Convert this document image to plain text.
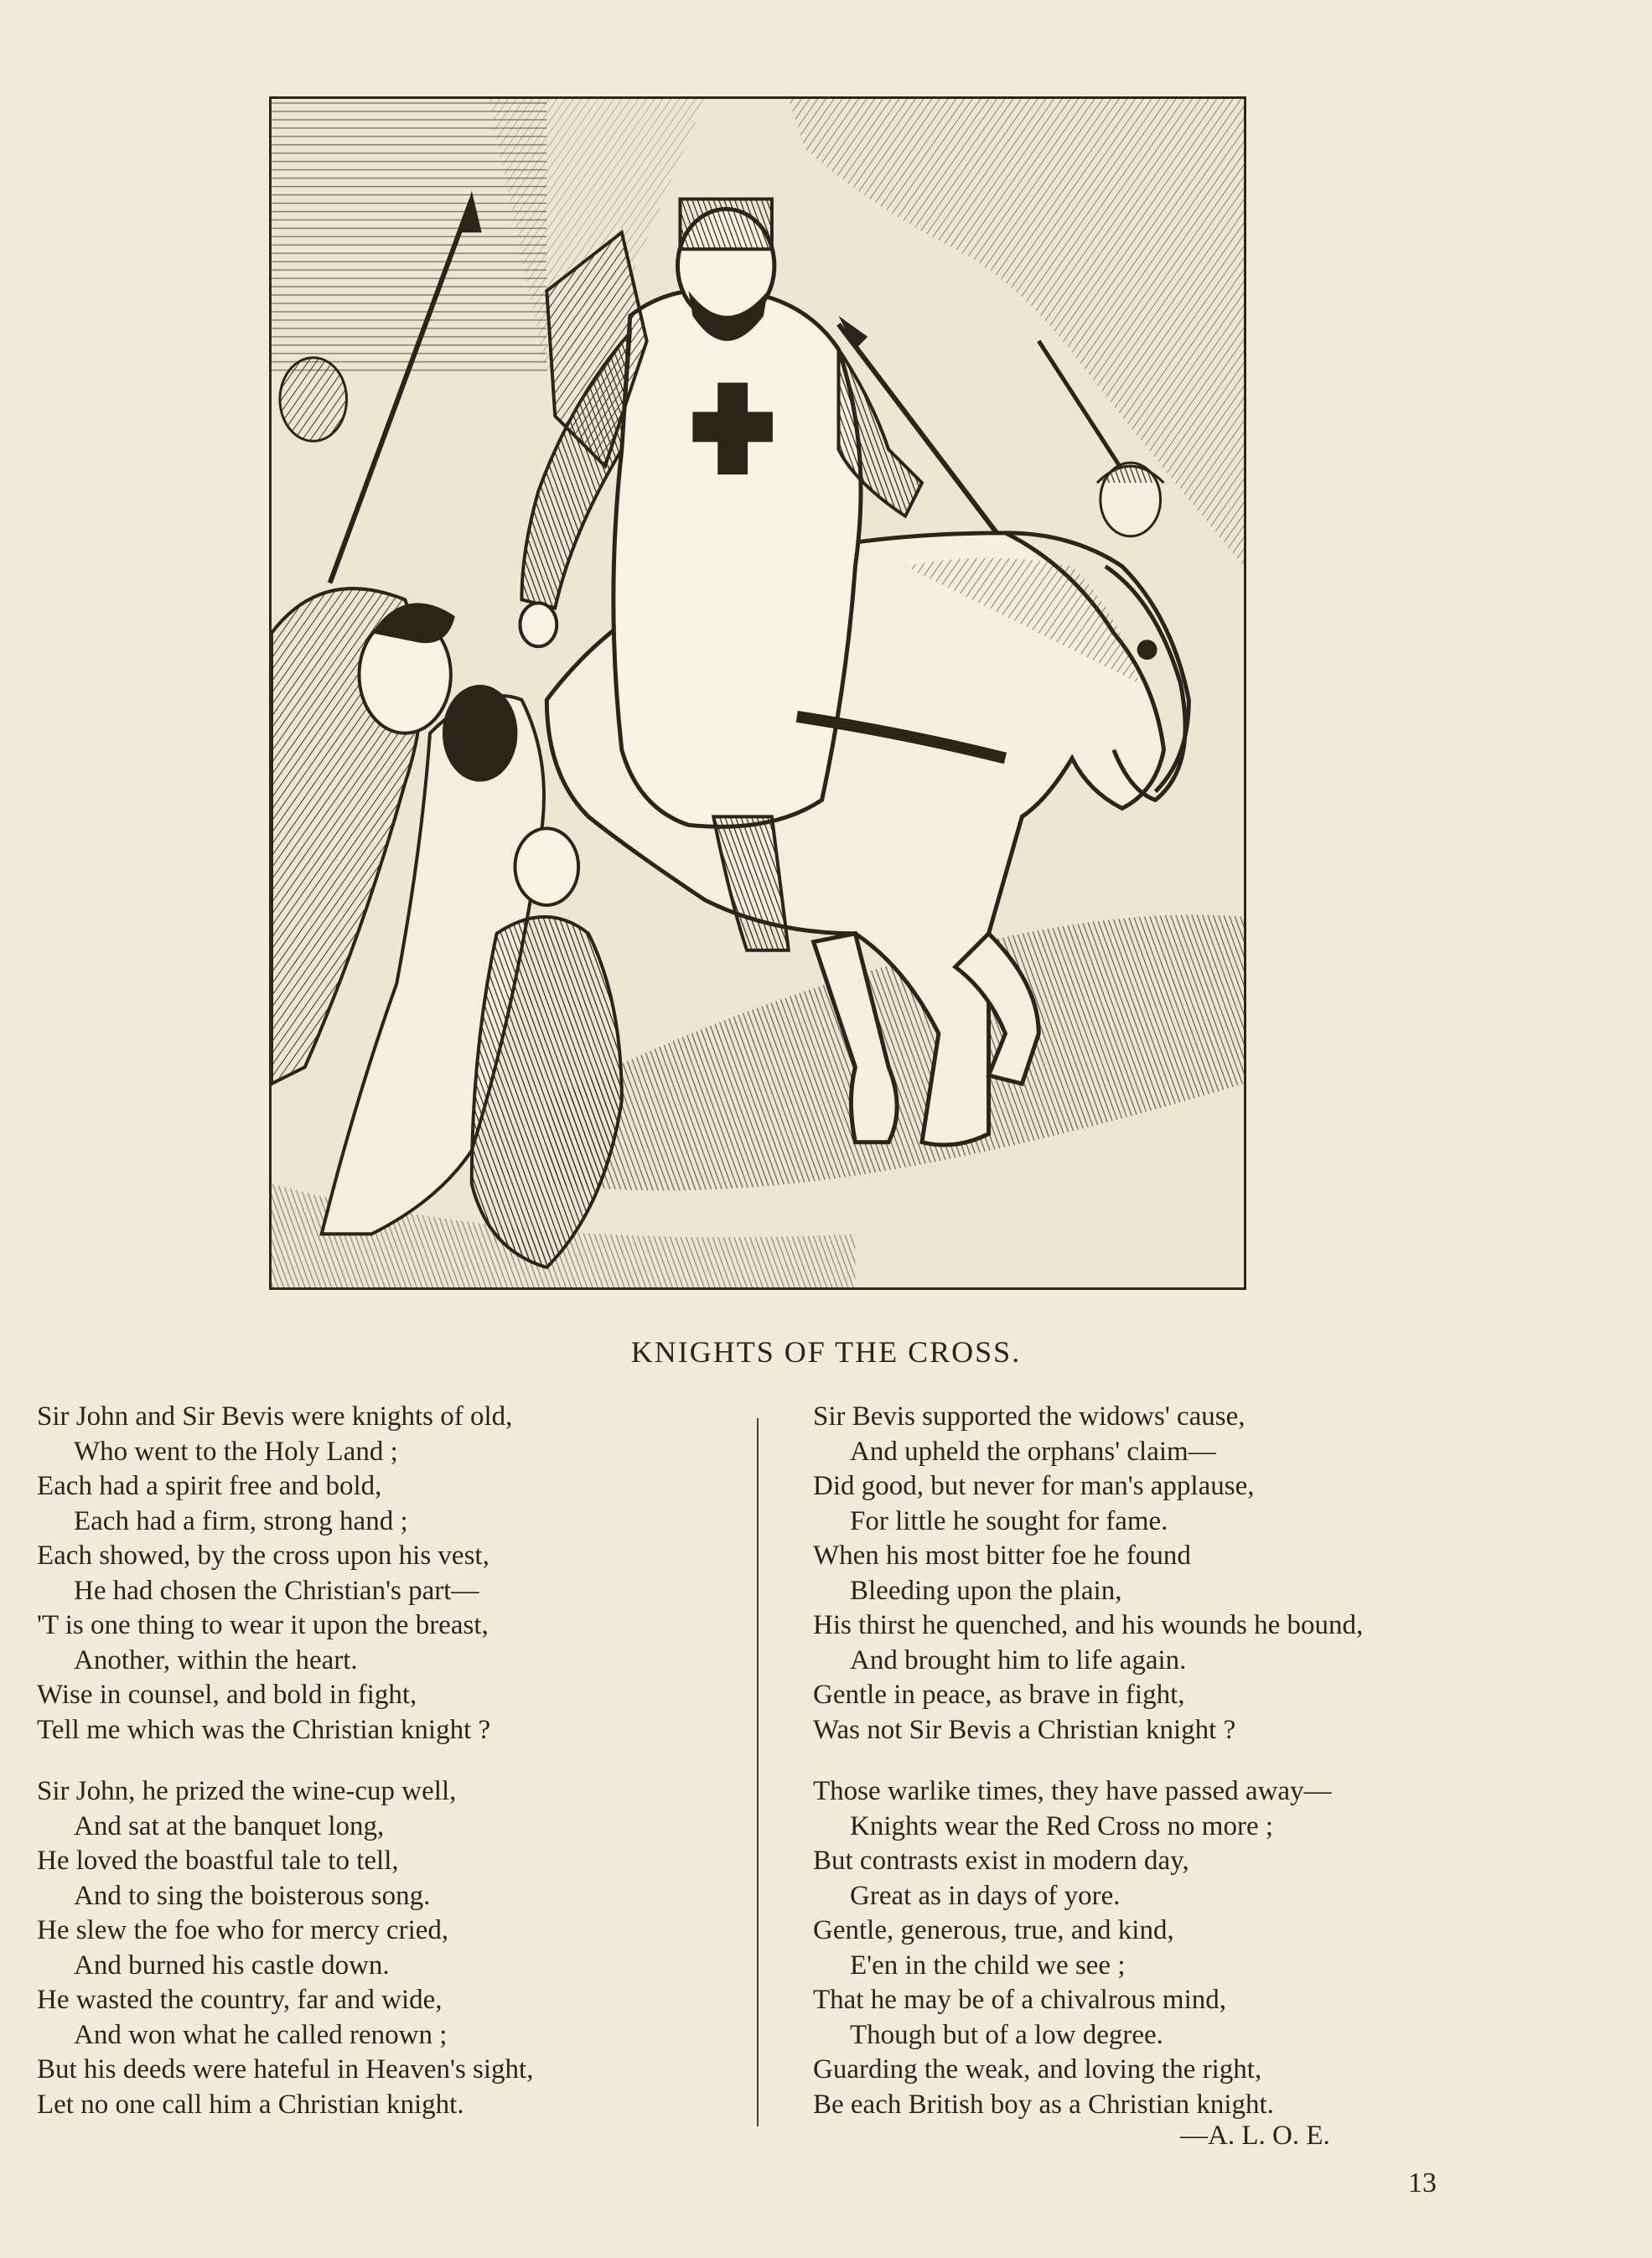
KNIGHTS OF THE CROSS.
Sir John and Sir Bevis were knights of old,
Who went to the Holy Land ;
Each had a spirit free and bold,
Each had a firm, strong hand ;
Each showed, by the cross upon his vest,
He had chosen the Christian's part—
'T is one thing to wear it upon the breast,
Another, within the heart.
Wise in counsel, and bold in fight,
Tell me which was the Christian knight ?
Sir John, he prized the wine-cup well,
And sat at the banquet long,
He loved the boastful tale to tell,
And to sing the boisterous song.
He slew the foe who for mercy cried,
And burned his castle down.
He wasted the country, far and wide,
And won what he called renown ;
But his deeds were hateful in Heaven's sight,
Let no one call him a Christian knight.
Sir Bevis supported the widows' cause,
And upheld the orphans' claim—
Did good, but never for man's applause,
For little he sought for fame.
When his most bitter foe he found
Bleeding upon the plain,
His thirst he quenched, and his wounds he bound,
And brought him to life again.
Gentle in peace, as brave in fight,
Was not Sir Bevis a Christian knight ?
Those warlike times, they have passed away—
Knights wear the Red Cross no more ;
But contrasts exist in modern day,
Great as in days of yore.
Gentle, generous, true, and kind,
E'en in the child we see ;
That he may be of a chivalrous mind,
Though but of a low degree.
Guarding the weak, and loving the right,
Be each British boy as a Christian knight.
—A. L. O. E.
13
